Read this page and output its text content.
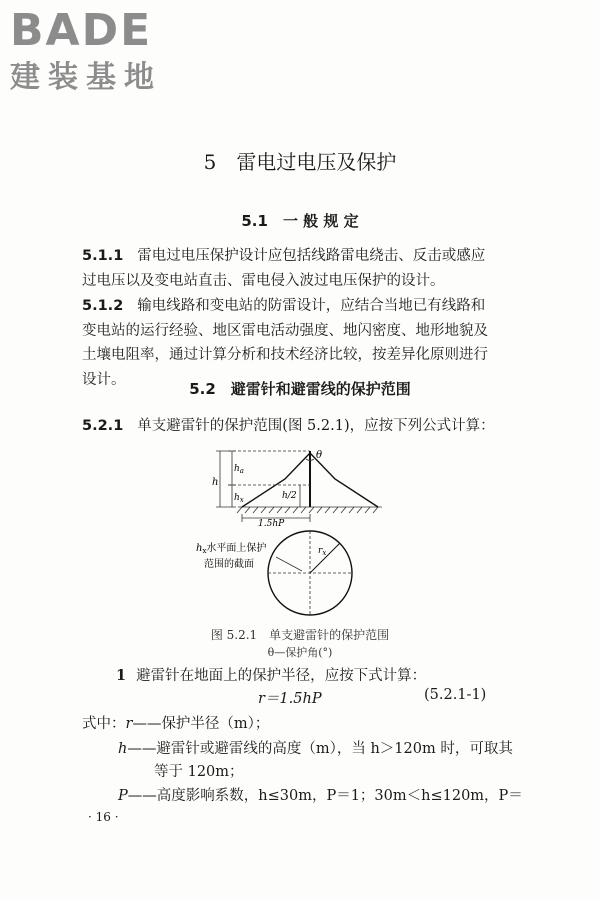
BADE
建装基地
5　雷电过电压及保护
5.1　一 般 规 定
5.1.1 雷电过电压保护设计应包括线路雷电绕击、反击或感应过电压以及变电站直击、雷电侵入波过电压保护的设计。
5.1.2 输电线路和变电站的防雷设计，应结合当地已有线路和变电站的运行经验、地区雷电活动强度、地闪密度、地形地貌及土壤电阻率，通过计算分析和技术经济比较，按差异化原则进行设计。
5.2　避雷针和避雷线的保护范围
5.2.1 单支避雷针的保护范围(图 5.2.1)，应按下列公式计算：
θ
h
$h_a$
$h_x$	h/2
1.5hP
$r_x$
$h_x$水平面上保护
范围的截面
图 5.2.1　单支避雷针的保护范围
θ—保护角(°)
1 避雷针在地面上的保护半径，应按下式计算：
r＝1.5hP	(5.2.1-1)
式中：r——保护半径（m）；
h——避雷针或避雷线的高度（m），当 h＞120m 时，可取其
等于 120m；
P——高度影响系数，h≤30m，P＝1；30m＜h≤120m，P＝
· 16 ·
